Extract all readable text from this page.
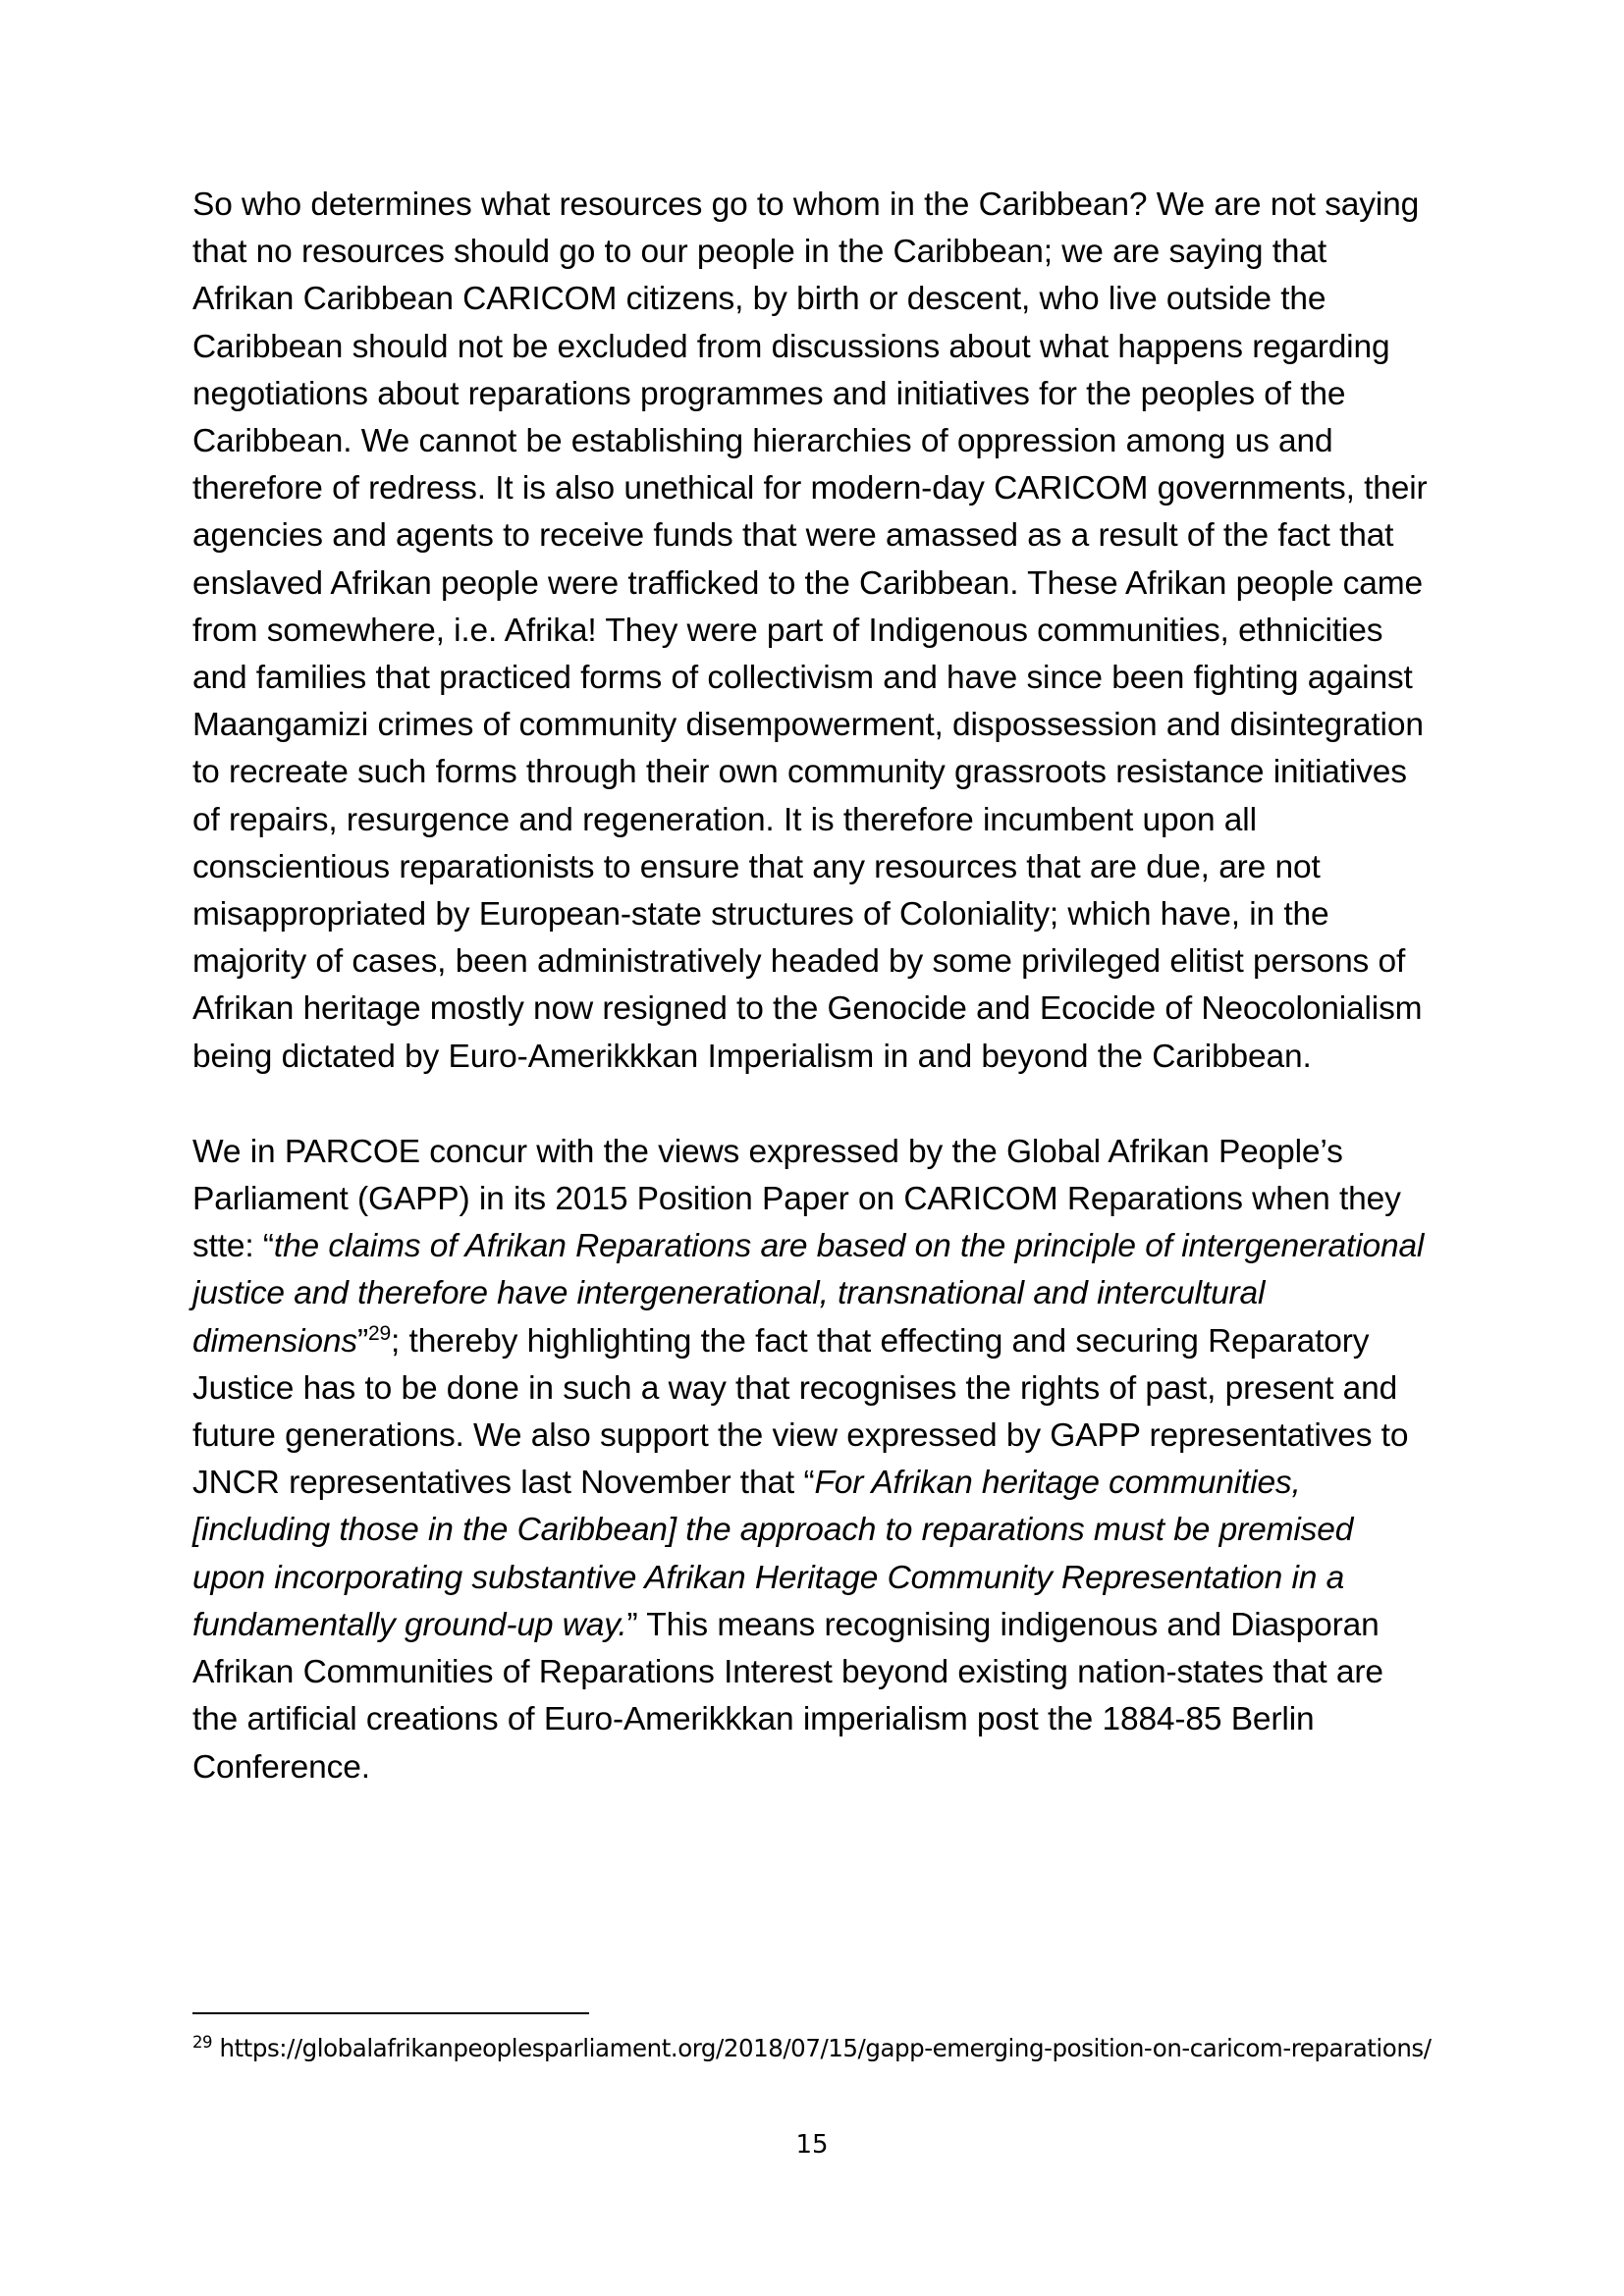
So who determines what resources go to whom in the Caribbean? We are not saying that no resources should go to our people in the Caribbean; we are saying that Afrikan Caribbean CARICOM citizens, by birth or descent, who live outside the Caribbean should not be excluded from discussions about what happens regarding negotiations about reparations programmes and initiatives for the peoples of the Caribbean. We cannot be establishing hierarchies of oppression among us and therefore of redress. It is also unethical for modern-day CARICOM governments, their agencies and agents to receive funds that were amassed as a result of the fact that enslaved Afrikan people were trafficked to the Caribbean. These Afrikan people came from somewhere, i.e. Afrika! They were part of Indigenous communities, ethnicities and families that practiced forms of collectivism and have since been fighting against Maangamizi crimes of community disempowerment, dispossession and disintegration to recreate such forms through their own community grassroots resistance initiatives of repairs, resurgence and regeneration. It is therefore incumbent upon all conscientious reparationists to ensure that any resources that are due, are not misappropriated by European-state structures of Coloniality; which have, in the majority of cases, been administratively headed by some privileged elitist persons of Afrikan heritage mostly now resigned to the Genocide and Ecocide of Neocolonialism being dictated by Euro-Amerikkkan Imperialism in and beyond the Caribbean.

We in PARCOE concur with the views expressed by the Global Afrikan People’s Parliament (GAPP) in its 2015 Position Paper on CARICOM Reparations when they stte: “the claims of Afrikan Reparations are based on the principle of intergenerational justice and therefore have intergenerational, transnational and intercultural dimensions”$^{29}$; thereby highlighting the fact that effecting and securing Reparatory Justice has to be done in such a way that recognises the rights of past, present and future generations. We also support the view expressed by GAPP representatives to JNCR representatives last November that “For Afrikan heritage communities, [including those in the Caribbean] the approach to reparations must be premised upon incorporating substantive Afrikan Heritage Community Representation in a fundamentally ground-up way.” This means recognising indigenous and Diasporan Afrikan Communities of Reparations Interest beyond existing nation-states that are the artificial creations of Euro-Amerikkkan imperialism post the 1884-85 Berlin Conference.

$^{29}$ https://globalafrikanpeoplesparliament.org/2018/07/15/gapp-emerging-position-on-caricom-reparations/

15
